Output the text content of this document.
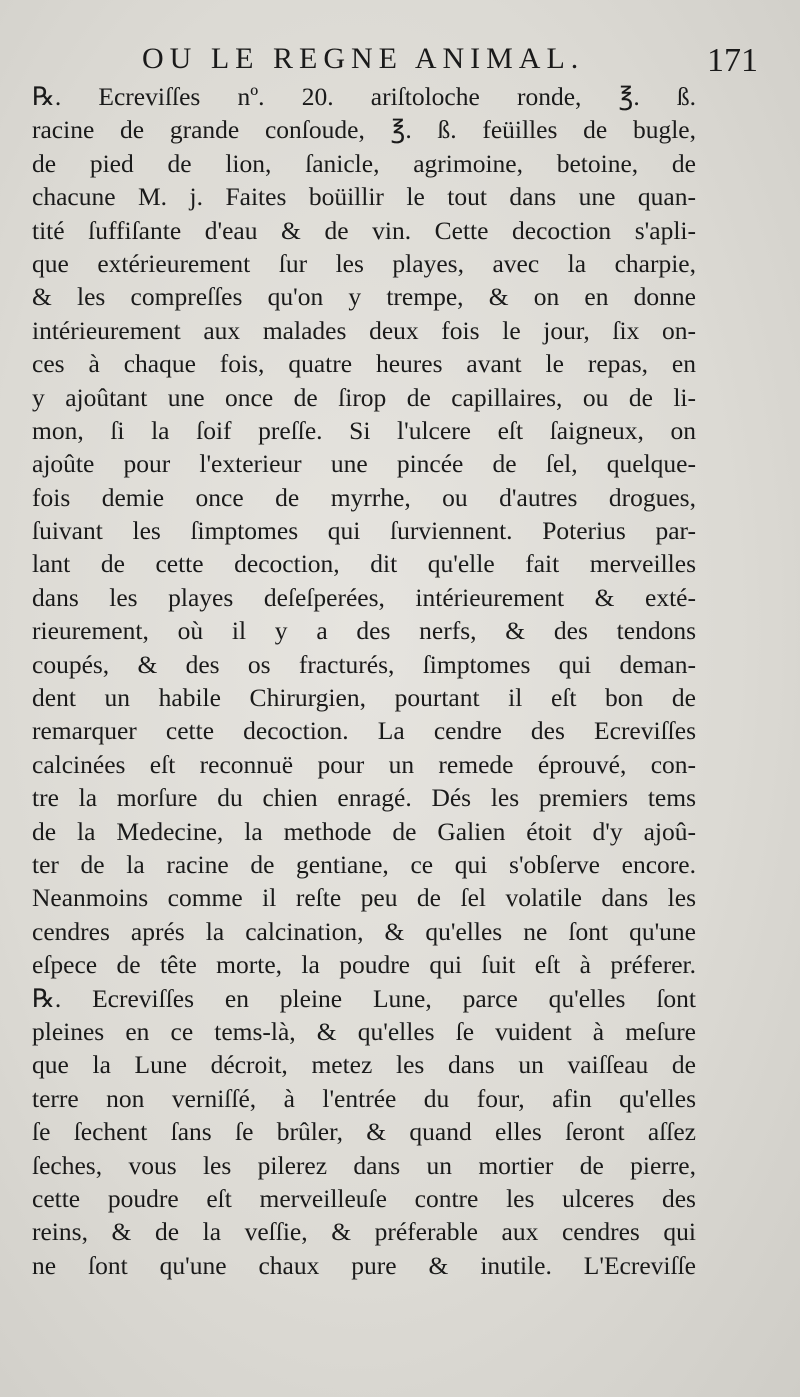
OU LE REGNE ANIMAL.	171
℞. Ecreviſſes nº. 20. ariſtoloche ronde, ℥. ß.
racine de grande conſoude, ℥. ß. feüilles de bugle,
de pied de lion, ſanicle, agrimoine, betoine, de
chacune M. j. Faites boüillir le tout dans une quan-
tité ſuffiſante d'eau & de vin. Cette decoction s'apli-
que extérieurement ſur les playes, avec la charpie,
& les compreſſes qu'on y trempe, & on en donne
intérieurement aux malades deux fois le jour, ſix on-
ces à chaque fois, quatre heures avant le repas, en
y ajoûtant une once de ſirop de capillaires, ou de li-
mon, ſi la ſoif preſſe. Si l'ulcere eſt ſaigneux, on
ajoûte pour l'exterieur une pincée de ſel, quelque-
fois demie once de myrrhe, ou d'autres drogues,
ſuivant les ſimptomes qui ſurviennent. Poterius par-
lant de cette decoction, dit qu'elle fait merveilles
dans les playes deſeſperées, intérieurement & exté-
rieurement, où il y a des nerfs, & des tendons
coupés, & des os fracturés, ſimptomes qui deman-
dent un habile Chirurgien, pourtant il eſt bon de
remarquer cette decoction. La cendre des Ecreviſſes
calcinées eſt reconnuë pour un remede éprouvé, con-
tre la morſure du chien enragé. Dés les premiers tems
de la Medecine, la methode de Galien étoit d'y ajoû-
ter de la racine de gentiane, ce qui s'obſerve encore.
Neanmoins comme il reſte peu de ſel volatile dans les
cendres aprés la calcination, & qu'elles ne ſont qu'une
eſpece de tête morte, la poudre qui ſuit eſt à préferer.
℞. Ecreviſſes en pleine Lune, parce qu'elles ſont
pleines en ce tems-là, & qu'elles ſe vuident à meſure
que la Lune décroit, metez les dans un vaiſſeau de
terre non verniſſé, à l'entrée du four, afin qu'elles
ſe ſechent ſans ſe brûler, & quand elles ſeront aſſez
ſeches, vous les pilerez dans un mortier de pierre,
cette poudre eſt merveilleuſe contre les ulceres des
reins, & de la veſſie, & préferable aux cendres qui
ne ſont qu'une chaux pure & inutile. L'Ecreviſſe
